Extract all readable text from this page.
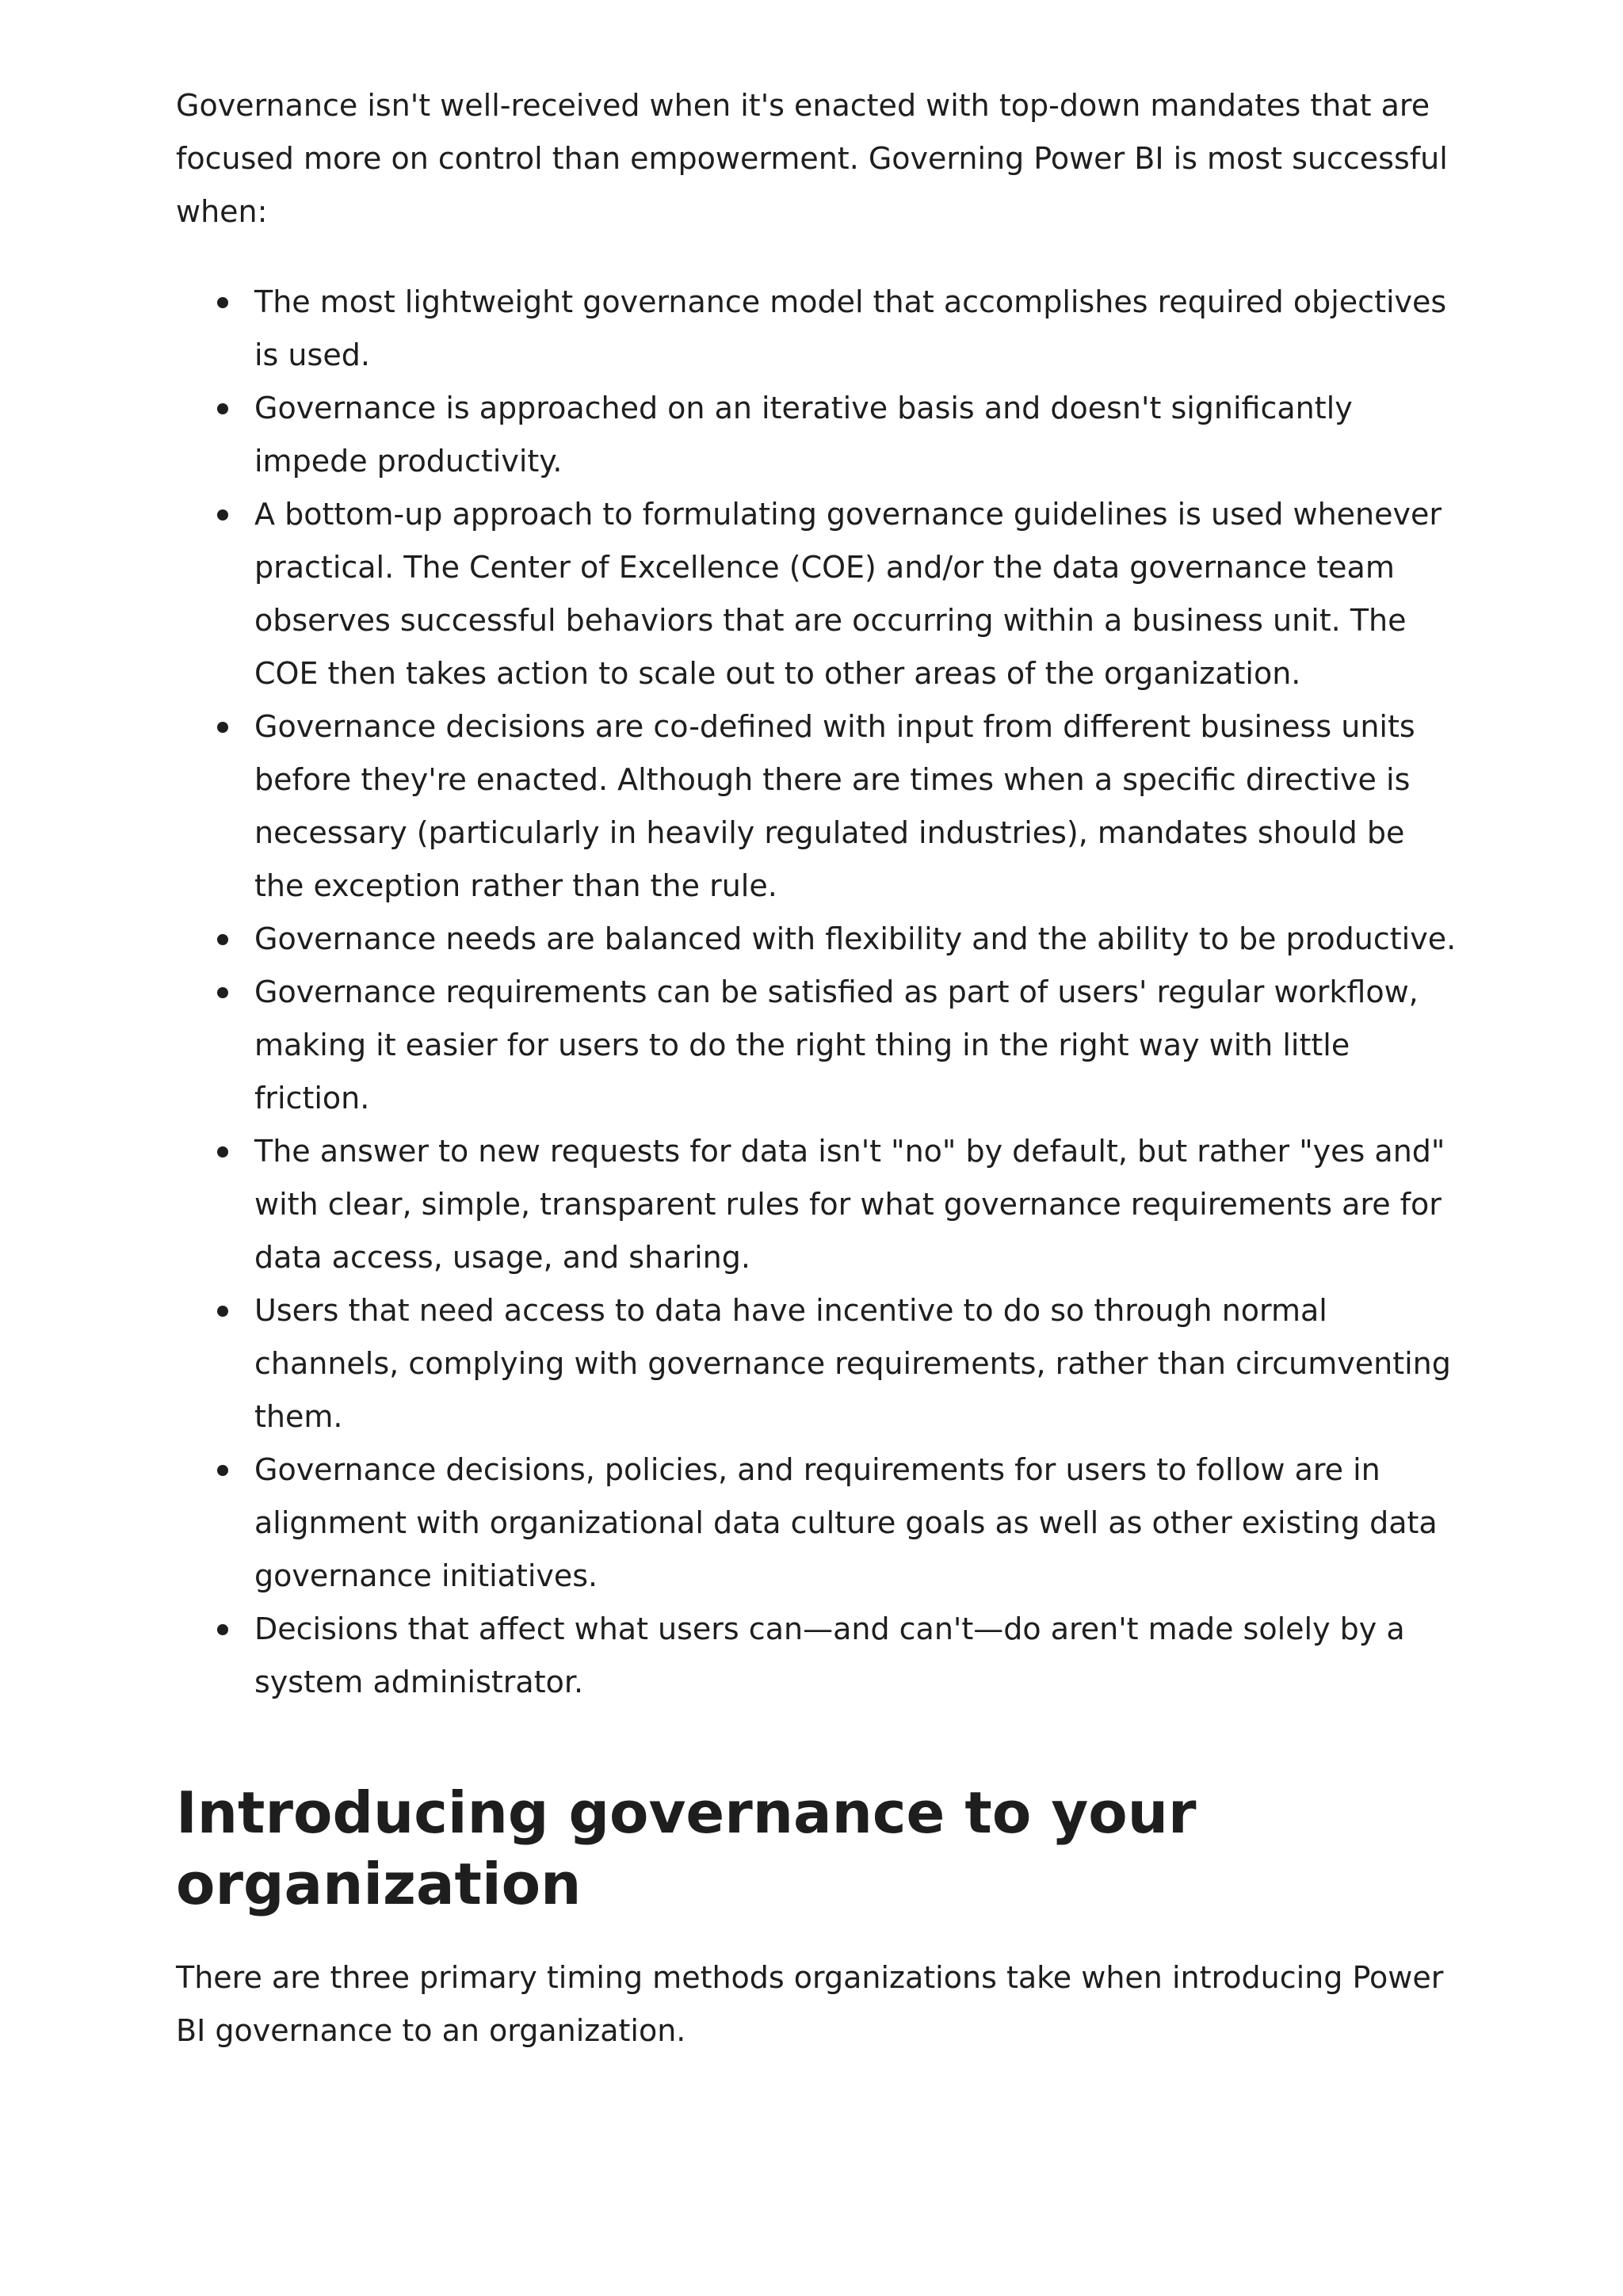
Governance isn't well-received when it's enacted with top-down mandates that are focused more on control than empowerment. Governing Power BI is most successful when:

The most lightweight governance model that accomplishes required objectives is used.
Governance is approached on an iterative basis and doesn't significantly impede productivity.
A bottom-up approach to formulating governance guidelines is used whenever practical. The Center of Excellence (COE) and/or the data governance team observes successful behaviors that are occurring within a business unit. The COE then takes action to scale out to other areas of the organization.
Governance decisions are co-defined with input from different business units before they're enacted. Although there are times when a specific directive is necessary (particularly in heavily regulated industries), mandates should be the exception rather than the rule.
Governance needs are balanced with flexibility and the ability to be productive.
Governance requirements can be satisfied as part of users' regular workflow, making it easier for users to do the right thing in the right way with little friction.
The answer to new requests for data isn't "no" by default, but rather "yes and" with clear, simple, transparent rules for what governance requirements are for data access, usage, and sharing.
Users that need access to data have incentive to do so through normal channels, complying with governance requirements, rather than circumventing them.
Governance decisions, policies, and requirements for users to follow are in alignment with organizational data culture goals as well as other existing data governance initiatives.
Decisions that affect what users can—and can't—do aren't made solely by a system administrator.
Introducing governance to your organization

There are three primary timing methods organizations take when introducing Power BI governance to an organization.
